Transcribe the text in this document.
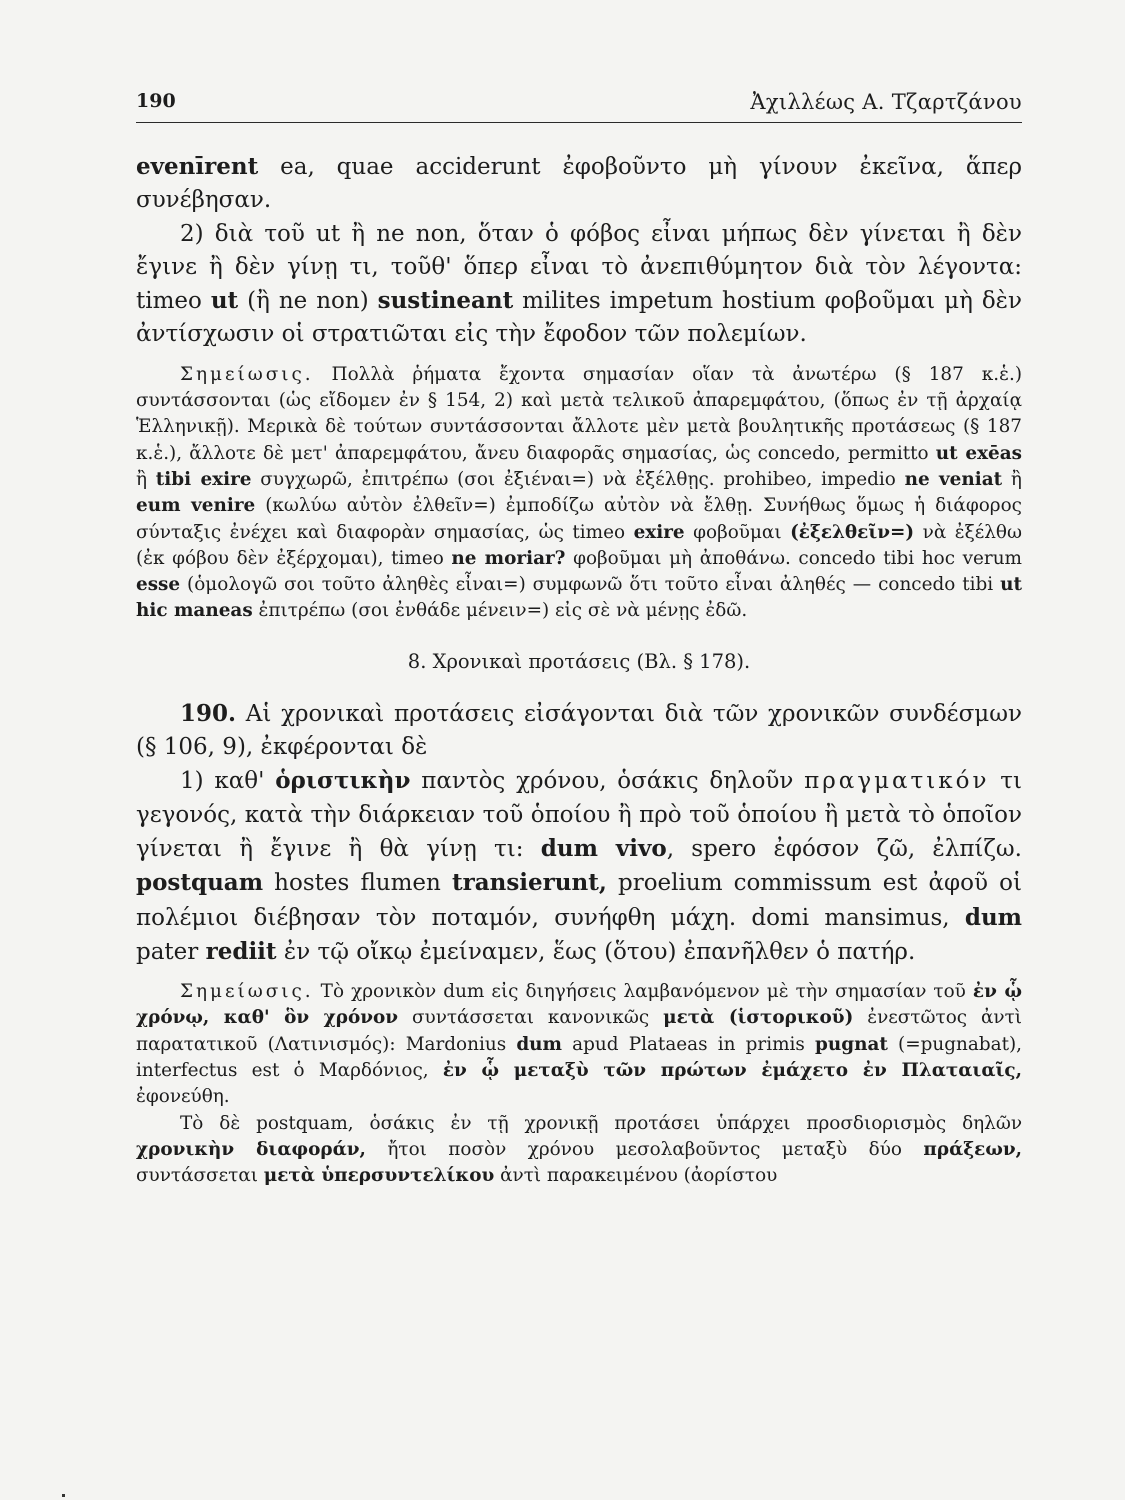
190	Ἀχιλλέως Α. Τζαρτζάνου

evenīrent ea, quae acciderunt ἐφοβοῦντο μὴ γίνουν ἐκεῖνα, ἅπερ συνέβησαν.

2) διὰ τοῦ ut ἢ ne non, ὅταν ὁ φόβος εἶναι μήπως δὲν γίνεται ἢ δὲν ἔγινε ἢ δὲν γίνῃ τι, τοῦθ' ὅπερ εἶναι τὸ ἀνεπιθύμητον διὰ τὸν λέγοντα: timeo ut (ἢ ne non) sustineant milites impetum hostium φοβοῦμαι μὴ δὲν ἀντίσχωσιν οἱ στρατιῶται εἰς τὴν ἔφοδον τῶν πολεμίων.

Σημείωσις. Πολλὰ ῥήματα ἔχοντα σημασίαν οἵαν τὰ ἀνωτέρω (§ 187 κ.ἑ.) συντάσσονται (ὡς εἴδομεν ἐν § 154, 2) καὶ μετὰ τελικοῦ ἀπαρεμφάτου, (ὅπως ἐν τῇ ἀρχαίᾳ Ἑλληνικῇ). Μερικὰ δὲ τούτων συντάσσονται ἄλλοτε μὲν μετὰ βουλητικῆς προτάσεως (§ 187 κ.ἑ.), ἄλλοτε δὲ μετ' ἀπαρεμφάτου, ἄνευ διαφορᾶς σημασίας, ὡς concedo, permitto ut exēas ἢ tibi exire συγχωρῶ, ἐπιτρέπω (σοι ἐξιέναι=) νὰ ἐξέλθῃς. prohibeo, impedio ne veniat ἢ eum venire (κωλύω αὐτὸν ἐλθεῖν=) ἐμποδίζω αὐτὸν νὰ ἔλθῃ. Συνήθως ὅμως ἡ διάφορος σύνταξις ἐνέχει καὶ διαφορὰν σημασίας, ὡς timeo exire φοβοῦμαι (ἐξελθεῖν=) νὰ ἐξέλθω (ἐκ φόβου δὲν ἐξέρχομαι), timeo ne moriar? φοβοῦμαι μὴ ἀποθάνω. concedo tibi hoc verum esse (ὁμολογῶ σοι τοῦτο ἀληθὲς εἶναι=) συμφωνῶ ὅτι τοῦτο εἶναι ἀληθές — concedo tibi ut hic maneas ἐπιτρέπω (σοι ἐνθάδε μένειν=) εἰς σὲ νὰ μένῃς ἐδῶ.

8. Χρονικαὶ προτάσεις (Βλ. § 178).

190. Αἱ χρονικαὶ προτάσεις εἰσάγονται διὰ τῶν χρονικῶν συνδέσμων (§ 106, 9), ἐκφέρονται δὲ

1) καθ' ὁριστικὴν παντὸς χρόνου, ὁσάκις δηλοῦν πραγματικόν τι γεγονός, κατὰ τὴν διάρκειαν τοῦ ὁποίου ἢ πρὸ τοῦ ὁποίου ἢ μετὰ τὸ ὁποῖον γίνεται ἢ ἔγινε ἢ θὰ γίνῃ τι: dum vivo, spero ἐφόσον ζῶ, ἐλπίζω. postquam hostes flumen transierunt, proelium commissum est ἀφοῦ οἱ πολέμιοι διέβησαν τὸν ποταμόν, συνήφθη μάχη. domi mansimus, dum pater rediit ἐν τῷ οἴκῳ ἐμείναμεν, ἕως (ὅτου) ἐπανῆλθεν ὁ πατήρ.

Σημείωσις. Τὸ χρονικὸν dum εἰς διηγήσεις λαμβανόμενον μὲ τὴν σημασίαν τοῦ ἐν ᾧ χρόνῳ, καθ' ὃν χρόνον συντάσσεται κανονικῶς μετὰ (ἱστορικοῦ) ἐνεστῶτος ἀντὶ παρατατικοῦ (Λατινισμός): Mardonius dum apud Plataeas in primis pugnat (=pugnabat), interfectus est ὁ Μαρδόνιος, ἐν ᾧ μεταξὺ τῶν πρώτων ἐμάχετο ἐν Πλαταιαῖς, ἐφονεύθη.

Τὸ δὲ postquam, ὁσάκις ἐν τῇ χρονικῇ προτάσει ὑπάρχει προσδιορισμὸς δηλῶν χρονικὴν διαφοράν, ἤτοι ποσὸν χρόνου μεσολαβοῦντος μεταξὺ δύο πράξεων, συντάσσεται μετὰ ὑπερσυντελίκου ἀντὶ παρακειμένου (ἀορίστου
